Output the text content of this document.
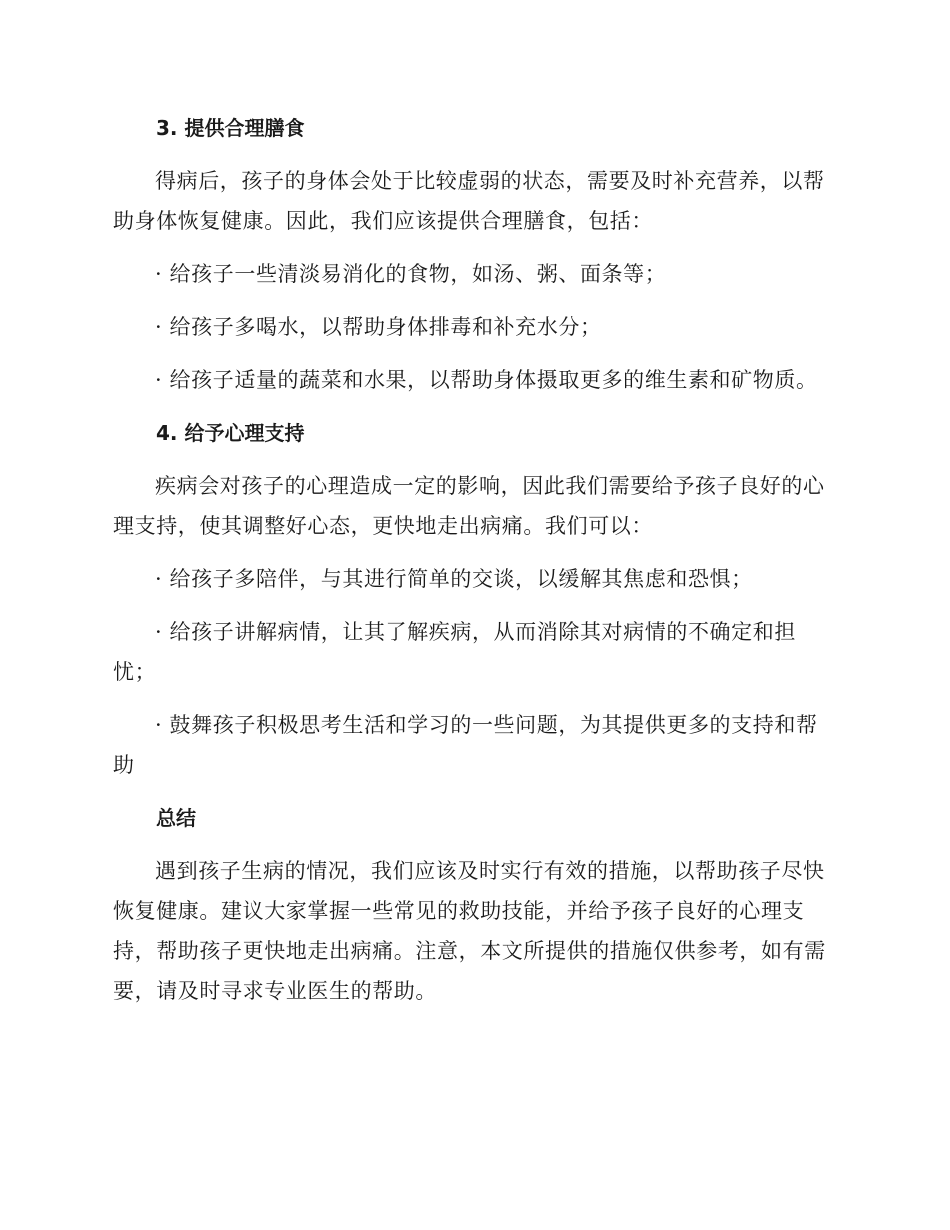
3. 提供合理膳食

得病后，孩子的身体会处于比较虚弱的状态，需要及时补充营养，以帮助身体恢复健康。因此，我们应该提供合理膳食，包括：

· 给孩子一些清淡易消化的食物，如汤、粥、面条等；

· 给孩子多喝水，以帮助身体排毒和补充水分；

· 给孩子适量的蔬菜和水果，以帮助身体摄取更多的维生素和矿物质。

4. 给予心理支持

疾病会对孩子的心理造成一定的影响，因此我们需要给予孩子良好的心理支持，使其调整好心态，更快地走出病痛。我们可以：

· 给孩子多陪伴，与其进行简单的交谈，以缓解其焦虑和恐惧；

· 给孩子讲解病情，让其了解疾病，从而消除其对病情的不确定和担忧；

· 鼓舞孩子积极思考生活和学习的一些问题，为其提供更多的支持和帮助

总结

遇到孩子生病的情况，我们应该及时实行有效的措施，以帮助孩子尽快恢复健康。建议大家掌握一些常见的救助技能，并给予孩子良好的心理支持，帮助孩子更快地走出病痛。注意，本文所提供的措施仅供参考，如有需要，请及时寻求专业医生的帮助。
